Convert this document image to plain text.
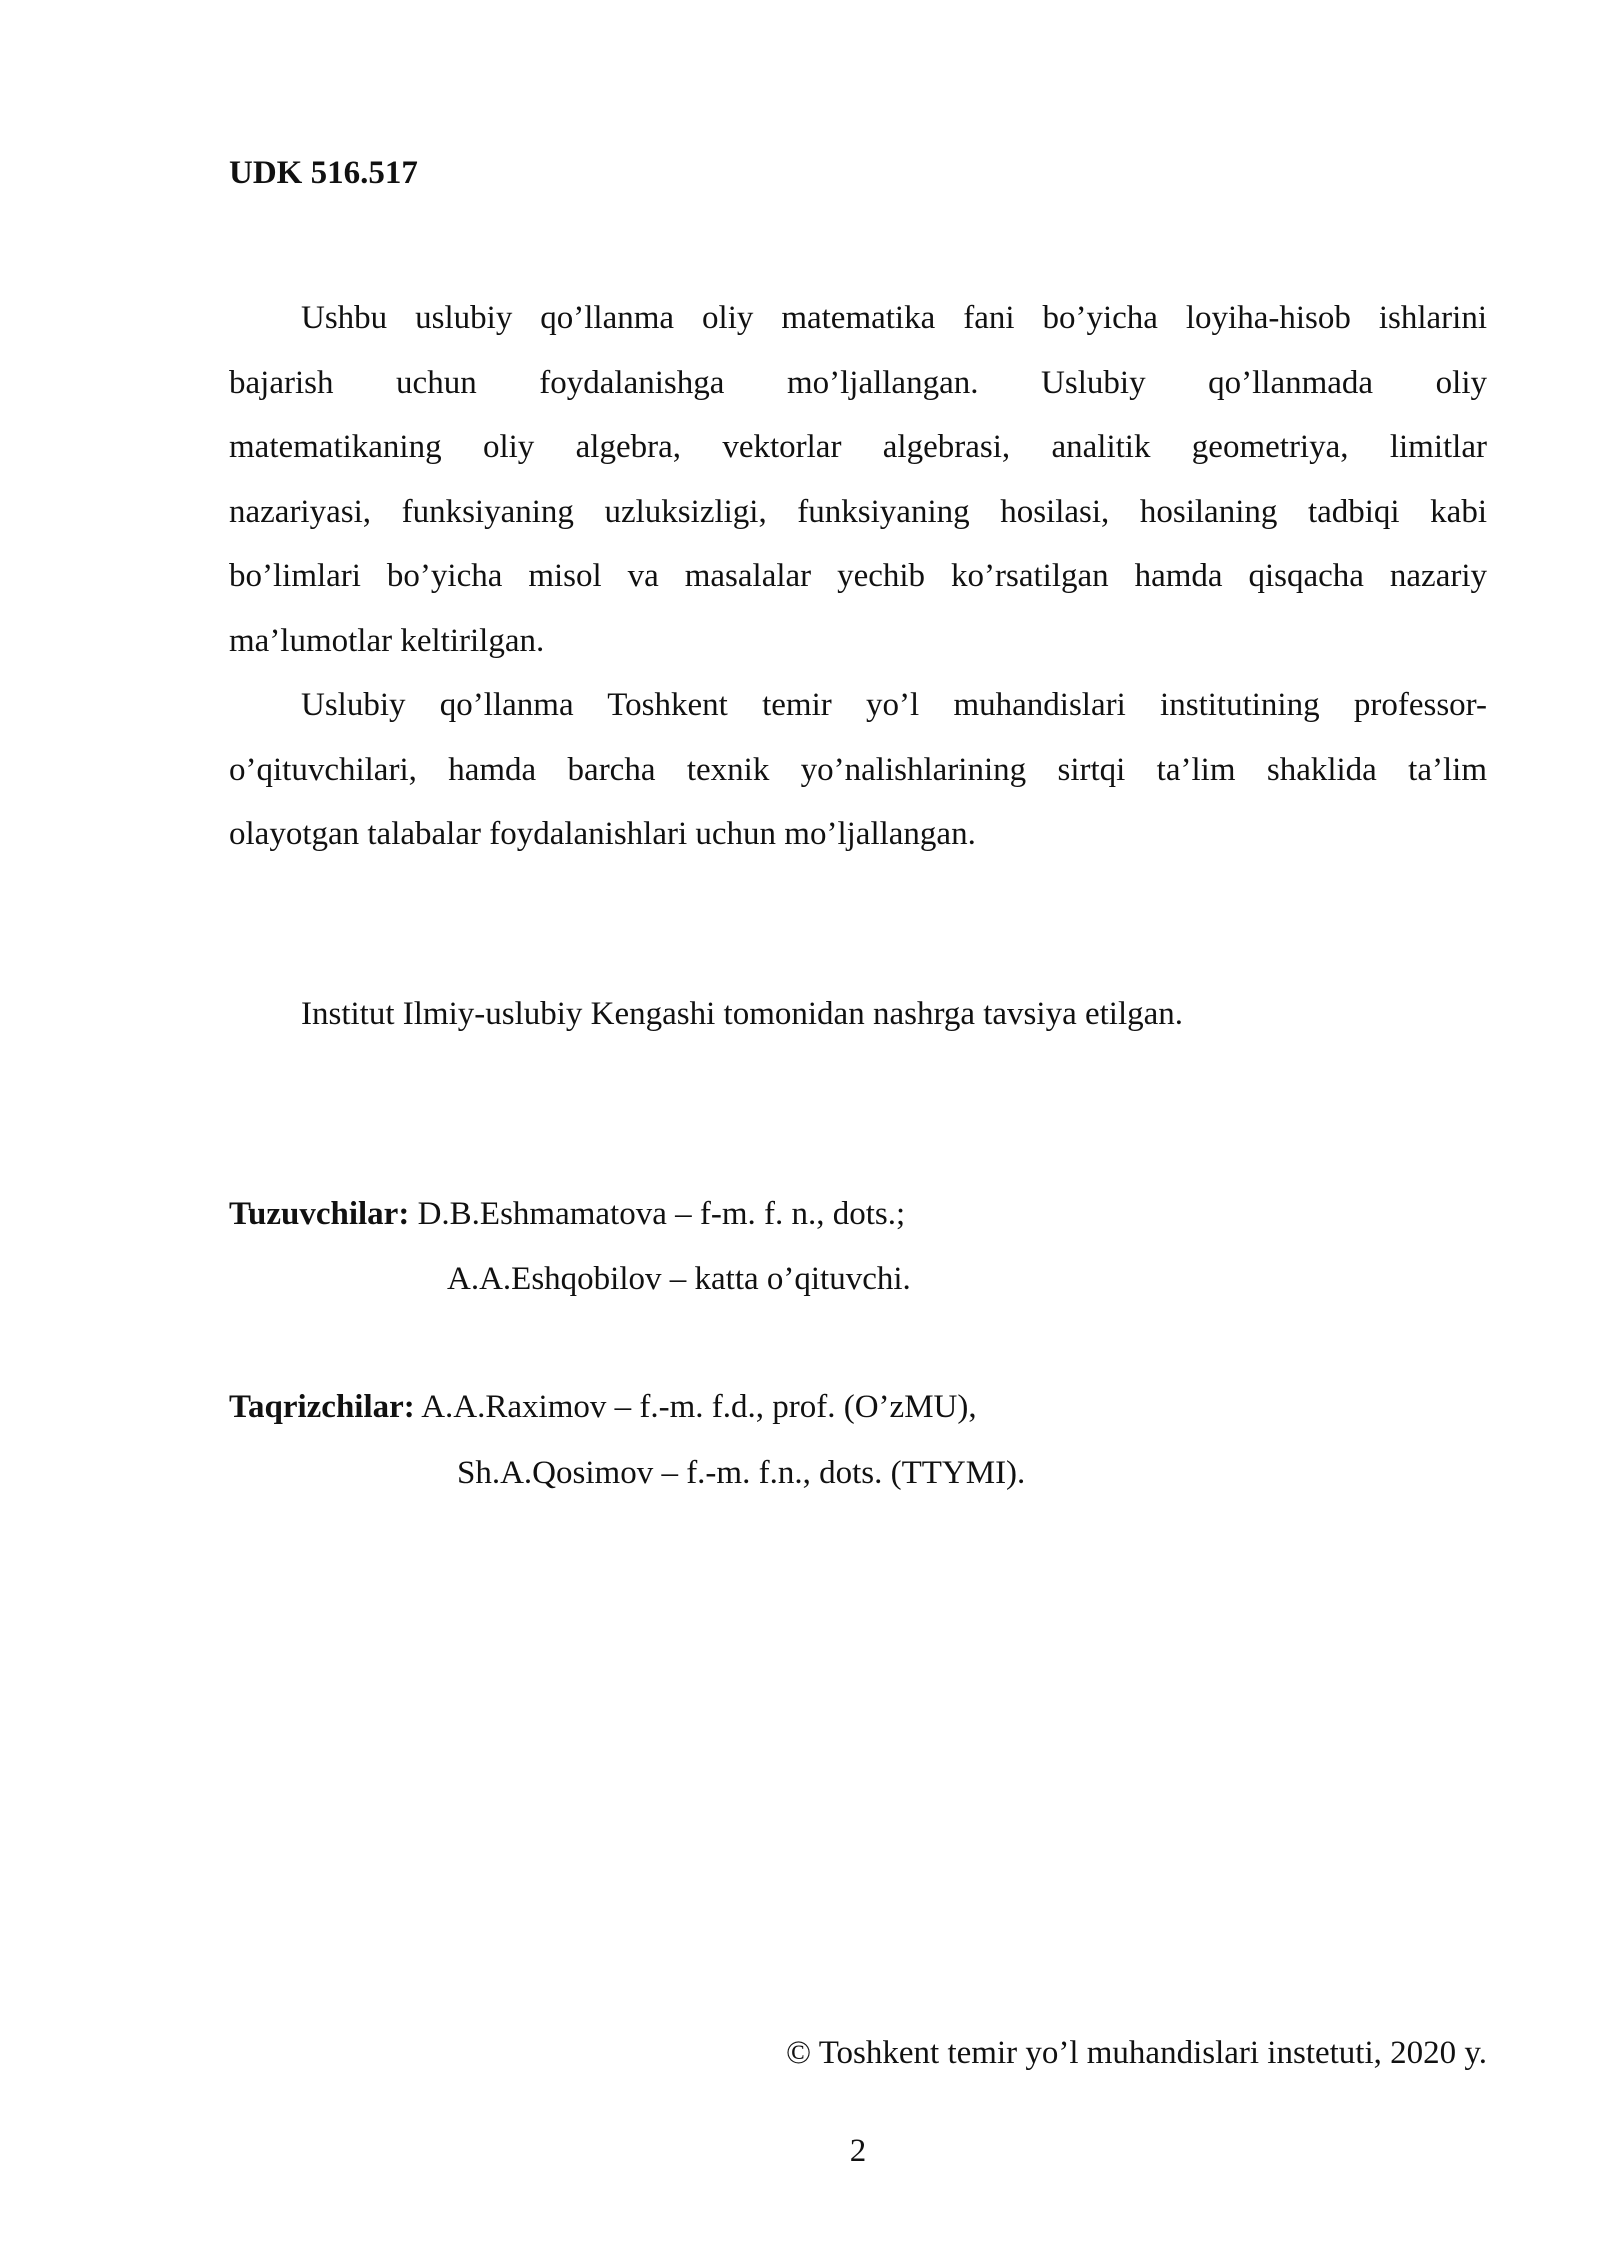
UDK 516.517
Ushbu uslubiy qo’llanma oliy matematika fani bo’yicha loyiha-hisob ishlarini
bajarish uchun foydalanishga mo’ljallangan. Uslubiy qo’llanmada oliy
matematikaning oliy algebra, vektorlar algebrasi, analitik geometriya, limitlar
nazariyasi, funksiyaning uzluksizligi, funksiyaning hosilasi, hosilaning tadbiqi kabi
bo’limlari bo’yicha misol va masalalar yechib ko’rsatilgan hamda qisqacha nazariy
ma’lumotlar keltirilgan.
Uslubiy qo’llanma Toshkent temir yo’l muhandislari institutining professor-
o’qituvchilari, hamda barcha texnik yo’nalishlarining sirtqi ta’lim shaklida ta’lim
olayotgan talabalar foydalanishlari uchun mo’ljallangan.
Institut Ilmiy-uslubiy Kengashi tomonidan nashrga tavsiya etilgan.
Tuzuvchilar: D.B.Eshmamatova – f-m. f. n., dots.;
A.A.Eshqobilov – katta o’qituvchi.
Taqrizchilar: A.A.Raximov – f.-m. f.d., prof. (O’zMU),
Sh.A.Qosimov – f.-m. f.n., dots. (TTYMI).
© Toshkent temir yo’l muhandislari instetuti, 2020 y.
2
